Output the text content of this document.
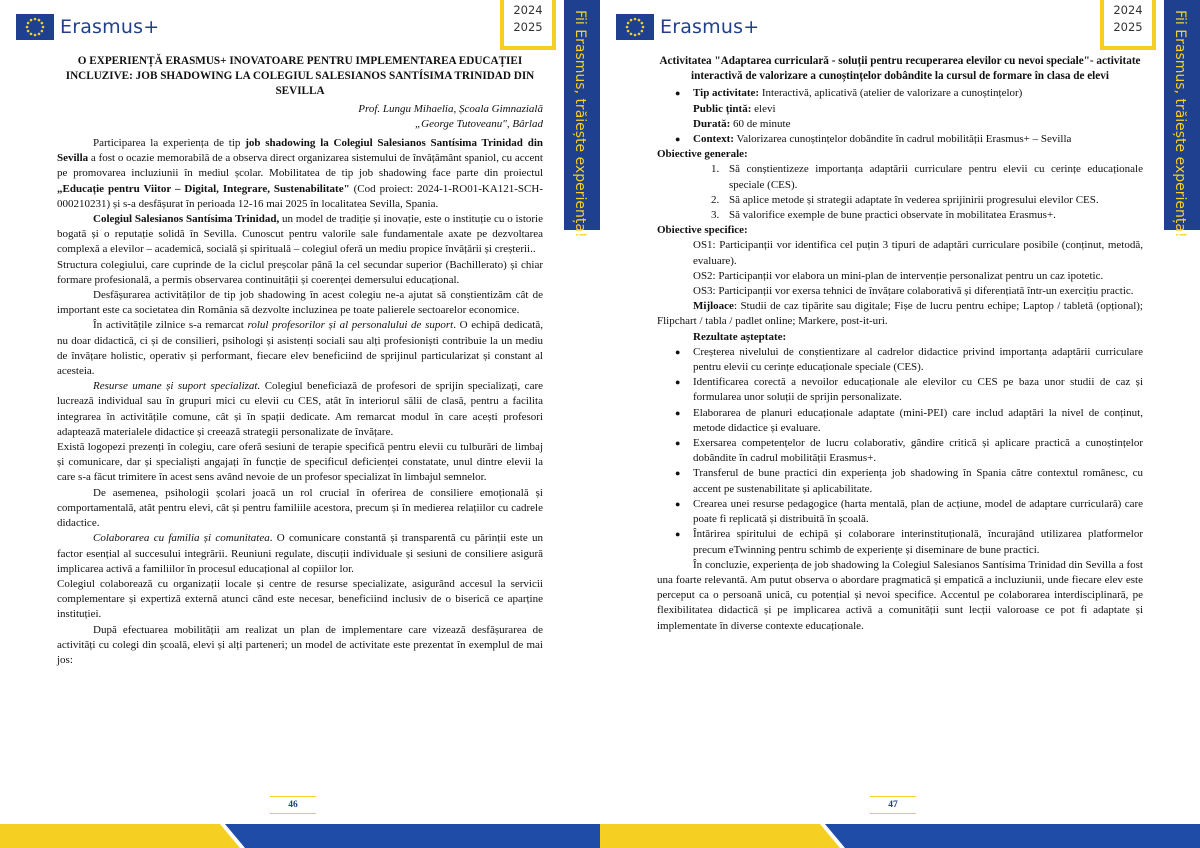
Erasmus+
2024
2025	Fii Erasmus, trăiește experiența!
O EXPERIENȚĂ ERASMUS+ INOVATOARE PENTRU IMPLEMENTAREA EDUCAȚIEI INCLUZIVE: JOB SHADOWING LA COLEGIUL SALESIANOS SANTÍSIMA TRINIDAD DIN SEVILLA
Prof. Lungu Mihaelia, Școala Gimnazială
„George Tutoveanu", Bârlad

Participarea la experiența de tip job shadowing la Colegiul Salesianos Santísima Trinidad din Sevilla a fost o ocazie memorabilă de a observa direct organizarea sistemului de învățământ spaniol, cu accent pe promovarea incluziunii în mediul școlar. Mobilitatea de tip job shadowing face parte din proiectul „Educație pentru Viitor – Digital, Integrare, Sustenabilitate" (Cod proiect: 2024-1-RO01-KA121-SCH-000210231) și s-a desfășurat în perioada 12-16 mai 2025 în localitatea Sevilla, Spania.

Colegiul Salesianos Santísima Trinidad, un model de tradiție și inovație, este o instituție cu o istorie bogată și o reputație solidă în Sevilla. Cunoscut pentru valorile sale fundamentale axate pe dezvoltarea complexă a elevilor – academică, socială și spirituală – colegiul oferă un mediu propice învățării și creșterii..

Structura colegiului, care cuprinde de la ciclul preșcolar până la cel secundar superior (Bachillerato) și chiar formare profesională, a permis observarea continuității și coerenței demersului educațional.

Desfășurarea activităților de tip job shadowing în acest colegiu ne-a ajutat să conștientizăm cât de important este ca societatea din România să dezvolte incluzinea pe toate palierele sectoarelor economice.

În activitățile zilnice s-a remarcat rolul profesorilor și al personalului de suport. O echipă dedicată, nu doar didactică, ci și de consilieri, psihologi și asistenți sociali sau alți profesioniști contribuie la un mediu de învățare holistic, operativ și performant, fiecare elev beneficiind de sprijinul particularizat și constant al acesteia.

Resurse umane și suport specializat. Colegiul beneficiază de profesori de sprijin specializați, care lucrează individual sau în grupuri mici cu elevii cu CES, atât în interiorul sălii de clasă, pentru a facilita integrarea în activitățile comune, cât și în spații dedicate. Am remarcat modul în care acești profesori adaptează materialele didactice și creează strategii personalizate de învățare.

Există logopezi prezenți în colegiu, care oferă sesiuni de terapie specifică pentru elevii cu tulburări de limbaj și comunicare, dar și specialiști angajați în funcție de specificul deficienței constatate, unul dintre elevii la care s-a făcut trimitere în acest sens având nevoie de un profesor specializat în limbajul semnelor.

De asemenea, psihologii școlari joacă un rol crucial în oferirea de consiliere emoțională și comportamentală, atât pentru elevi, cât și pentru familiile acestora, precum și în medierea relațiilor cu cadrele didactice.

Colaborarea cu familia și comunitatea. O comunicare constantă și transparentă cu părinții este un factor esențial al succesului integrării. Reuniuni regulate, discuții individuale și sesiuni de consiliere asigură implicarea activă a familiilor în procesul educațional al copiilor lor.

Colegiul colaborează cu organizații locale și centre de resurse specializate, asigurând accesul la servicii complementare și expertiză externă atunci când este necesar, beneficiind inclusiv de o biserică ce aparține instituției.

După efectuarea mobilității am realizat un plan de implementare care vizează desfășurarea de activități cu colegi din școală, elevi și alți parteneri; un model de activitate este prezentat în exemplul de mai jos:

46
Erasmus+
2024
2025	Fii Erasmus, trăiește experiența!
Activitatea "Adaptarea curriculară - soluții pentru recuperarea elevilor cu nevoi speciale"- activitate interactivă de valorizare a cunoștințelor dobândite la cursul de formare în clasa de elevi
● Tip activitate: Interactivă, aplicativă (atelier de valorizare a cunoștințelor)
Public țintă: elevi
Durată: 60 de minute
● Context: Valorizarea cunoștințelor dobândite în cadrul mobilității Erasmus+ – Sevilla
Obiective generale:
1. Să conștientizeze importanța adaptării curriculare pentru elevii cu cerințe educaționale speciale (CES).
2. Să aplice metode și strategii adaptate în vederea sprijinirii progresului elevilor CES.
3. Să valorifice exemple de bune practici observate în mobilitatea Erasmus+.
Obiective specifice:
OS1: Participanții vor identifica cel puțin 3 tipuri de adaptări curriculare posibile (conținut, metodă, evaluare).
OS2: Participanții vor elabora un mini-plan de intervenție personalizat pentru un caz ipotetic.
OS3: Participanții vor exersa tehnici de învățare colaborativă și diferențiată într-un exercițiu practic.

Mijloace: Studii de caz tipărite sau digitale; Fișe de lucru pentru echipe; Laptop / tabletă (opțional); Flipchart / tabla / padlet online; Markere, post-it-uri.

Rezultate așteptate:
● Creșterea nivelului de conștientizare al cadrelor didactice privind importanța adaptării curriculare pentru elevii cu cerințe educaționale speciale (CES).
● Identificarea corectă a nevoilor educaționale ale elevilor cu CES pe baza unor studii de caz și formularea unor soluții de sprijin personalizate.
● Elaborarea de planuri educaționale adaptate (mini-PEI) care includ adaptări la nivel de conținut, metode didactice și evaluare.
● Exersarea competențelor de lucru colaborativ, gândire critică și aplicare practică a cunoștințelor dobândite în cadrul mobilității Erasmus+.
● Transferul de bune practici din experiența job shadowing în Spania către contextul românesc, cu accent pe sustenabilitate și aplicabilitate.
● Crearea unei resurse pedagogice (harta mentală, plan de acțiune, model de adaptare curriculară) care poate fi replicată și distribuită în școală.
● Întărirea spiritului de echipă și colaborare interinstituțională, încurajând utilizarea platformelor precum eTwinning pentru schimb de experiențe și diseminare de bune practici.

În concluzie, experiența de job shadowing la Colegiul Salesianos Santísima Trinidad din Sevilla a fost una foarte relevantă. Am putut observa o abordare pragmatică și empatică a incluziunii, unde fiecare elev este perceput ca o persoană unică, cu potențial și nevoi specifice. Accentul pe colaborarea interdisciplinară, pe flexibilitatea didactică și pe implicarea activă a comunității sunt lecții valoroase ce pot fi adaptate și implementate în diverse contexte educaționale.

47
